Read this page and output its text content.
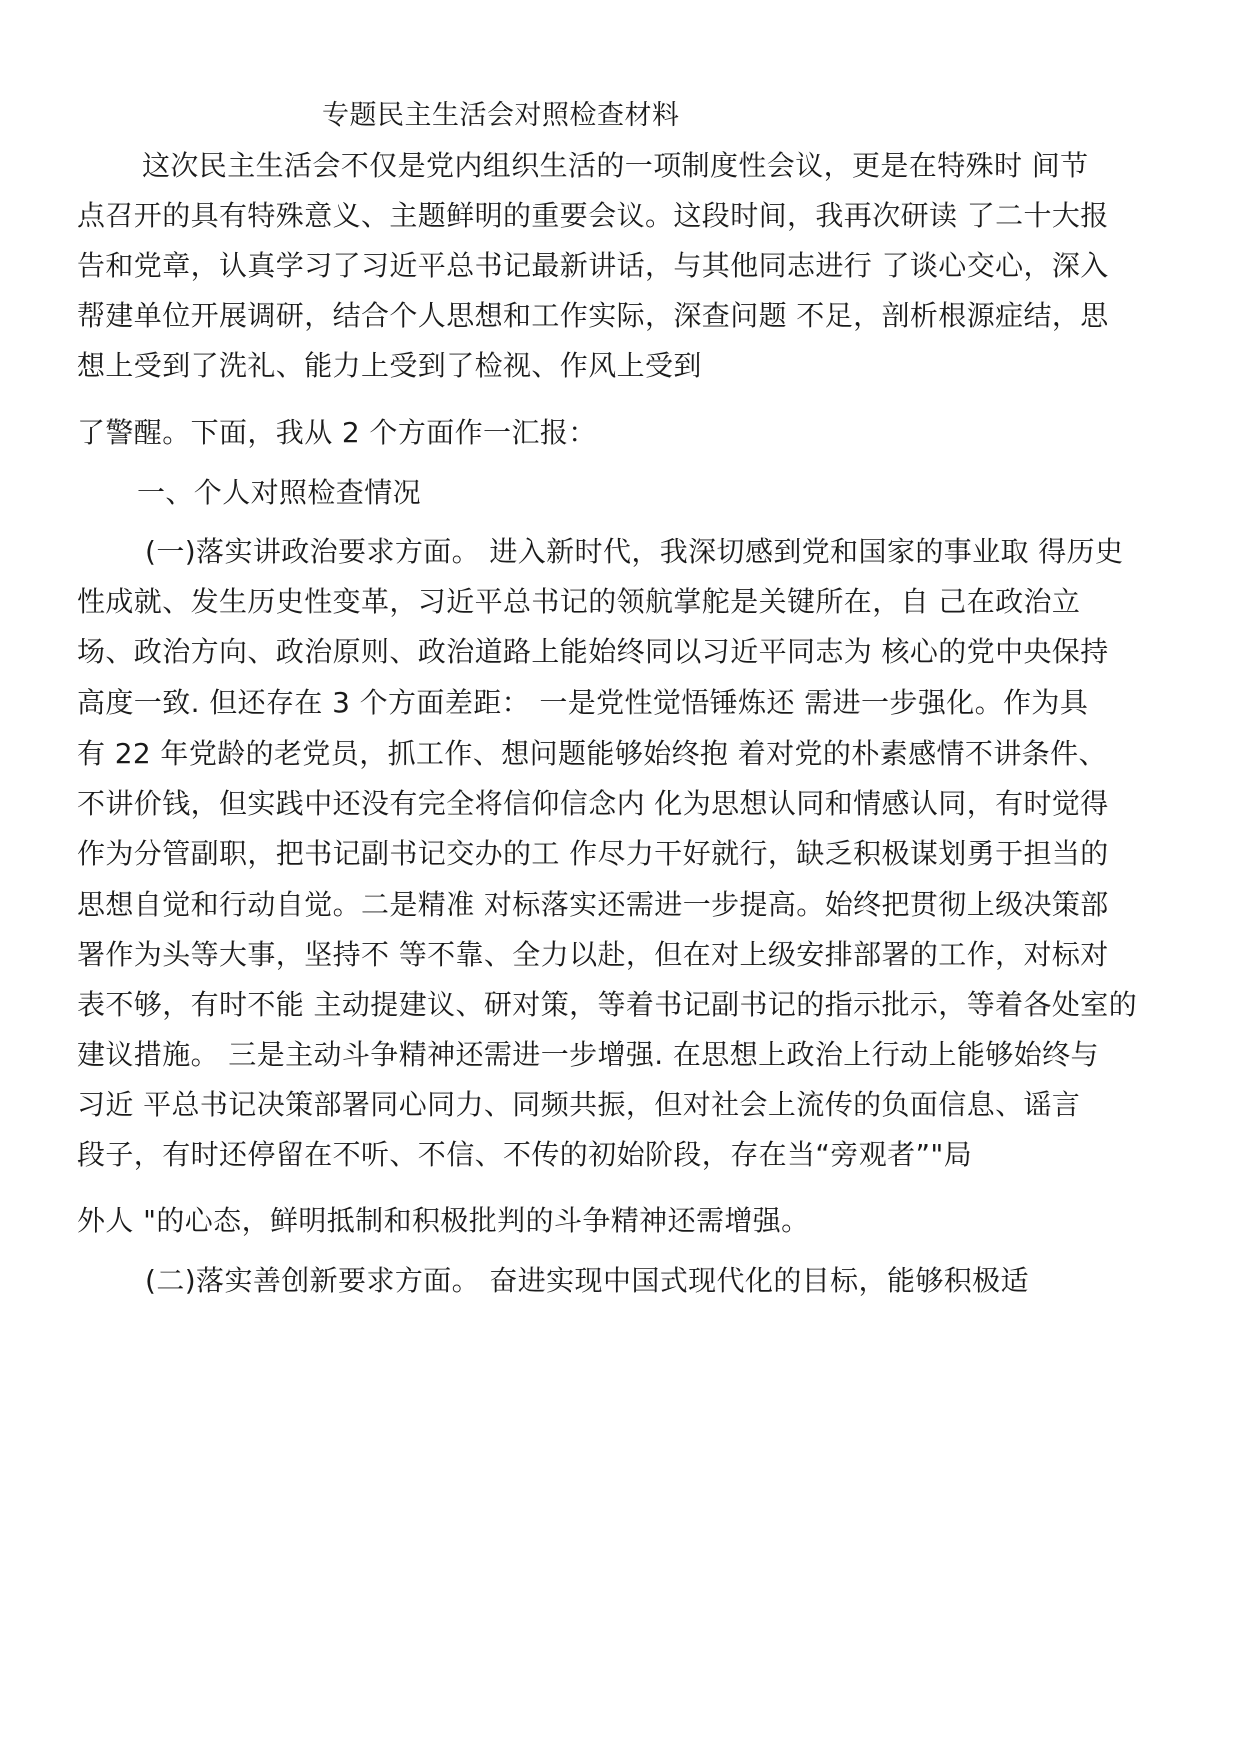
专题民主生活会对照检查材料
这次民主生活会不仅是党内组织生活的一项制度性会议，更是在特殊时 间节
点召开的具有特殊意义、主题鲜明的重要会议。这段时间，我再次研读 了二十大报
告和党章，认真学习了习近平总书记最新讲话，与其他同志进行 了谈心交心，深入
帮建单位开展调研，结合个人思想和工作实际，深查问题 不足，剖析根源症结，思
想上受到了洗礼、能力上受到了检视、作风上受到
了警醒。下面，我从 2 个方面作一汇报：
一、个人对照检查情况
(一)落实讲政治要求方面。 进入新时代，我深切感到党和国家的事业取 得历史
性成就、发生历史性变革，习近平总书记的领航掌舵是关键所在，自 己在政治立
场、政治方向、政治原则、政治道路上能始终同以习近平同志为 核心的党中央保持
高度一致. 但还存在 3 个方面差距： 一是党性觉悟锤炼还 需进一步强化。作为具
有 22 年党龄的老党员，抓工作、想问题能够始终抱 着对党的朴素感情不讲条件、
不讲价钱，但实践中还没有完全将信仰信念内 化为思想认同和情感认同，有时觉得
作为分管副职，把书记副书记交办的工 作尽力干好就行，缺乏积极谋划勇于担当的
思想自觉和行动自觉。二是精准 对标落实还需进一步提高。始终把贯彻上级决策部
署作为头等大事，坚持不 等不靠、全力以赴，但在对上级安排部署的工作，对标对
表不够，有时不能 主动提建议、研对策，等着书记副书记的指示批示，等着各处室的
建议措施。 三是主动斗争精神还需进一步增强. 在思想上政治上行动上能够始终与
习近 平总书记决策部署同心同力、同频共振，但对社会上流传的负面信息、谣言
段子，有时还停留在不听、不信、不传的初始阶段，存在当“旁观者”"局
外人 "的心态，鲜明抵制和积极批判的斗争精神还需增强。
(二)落实善创新要求方面。 奋进实现中国式现代化的目标，能够积极适
